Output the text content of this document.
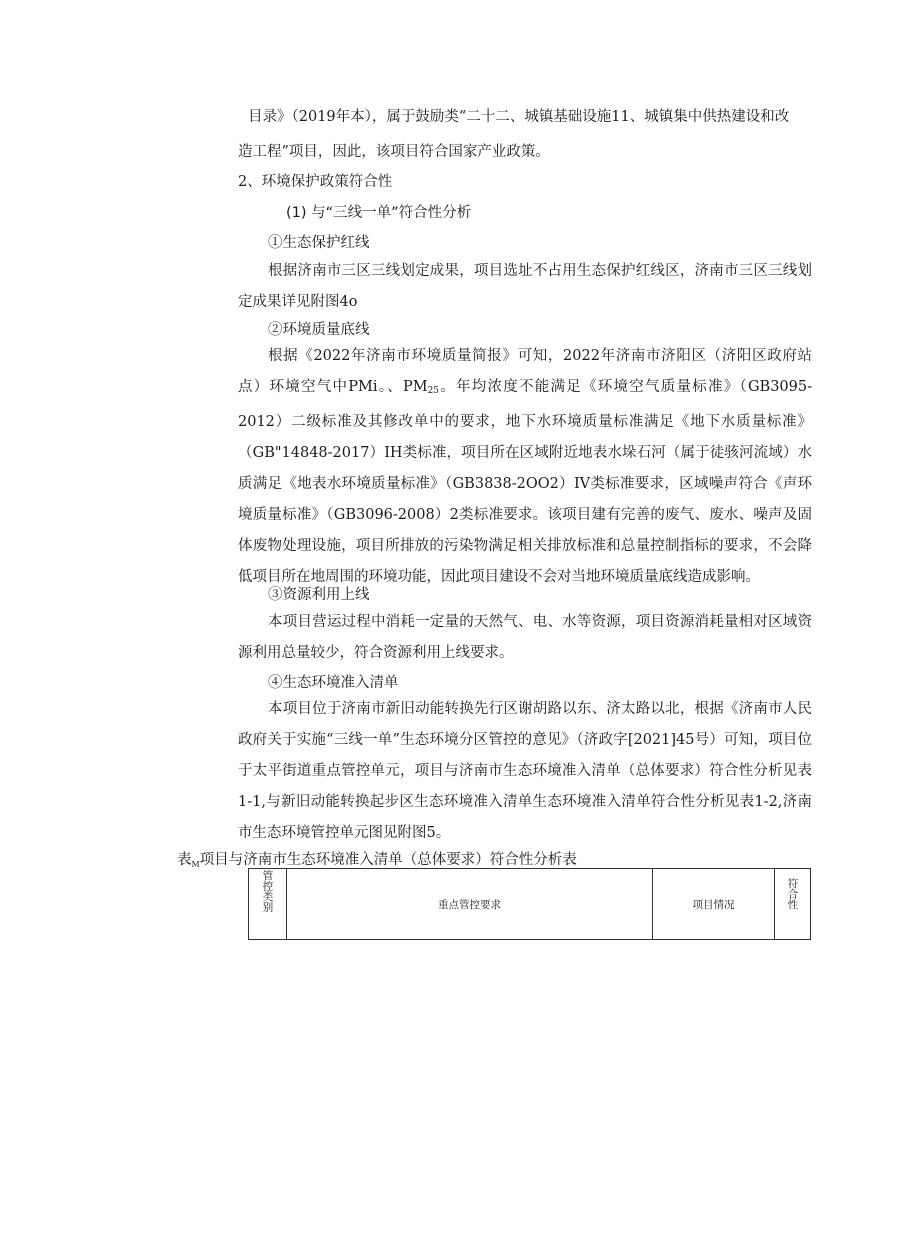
目录》（2019年本），属于鼓励类“二十二、城镇基础设施11、城镇集中供热建设和改
造工程”项目，因此，该项目符合国家产业政策。
2、环境保护政策符合性
(1) 与“三线一单”符合性分析
①生态保护红线

根据济南市三区三线划定成果，项目选址不占用生态保护红线区，济南市三区三线划定成果详见附图4o

②环境质量底线

根据《2022年济南市环境质量简报》可知，2022年济南市济阳区（济阳区政府站点）环境空气中PMi。、$PM_{25}$。年均浓度不能满足《环境空气质量标准》（GB3095-2012）二级标准及其修改单中的要求，地下水环境质量标准满足《地下水质量标准》（GB"14848-2017）IH类标准，项目所在区域附近地表水垛石河（属于徒骇河流域）水质满足《地表水环境质量标准》（GB3838-2OO2）IV类标准要求，区域噪声符合《声环境质量标准》（GB3096-2008）2类标准要求。该项目建有完善的废气、废水、噪声及固体废物处理设施，项目所排放的污染物满足相关排放标准和总量控制指标的要求，不会降低项目所在地周围的环境功能，因此项目建设不会对当地环境质量底线造成影响。

③资源利用上线

本项目营运过程中消耗一定量的天然气、电、水等资源，项目资源消耗量相对区域资源利用总量较少，符合资源利用上线要求。

④生态环境准入清单

本项目位于济南市新旧动能转换先行区谢胡路以东、济太路以北，根据《济南市人民政府关于实施“三线一单”生态环境分区管控的意见》（济政字[2021]45号）可知，项目位于太平街道重点管控单元，项目与济南市生态环境准入清单（总体要求）符合性分析见表1-1,与新旧动能转换起步区生态环境准入清单生态环境准入清单符合性分析见表1-2,济南市生态环境管控单元图见附图5。

表$_M$项目与济南市生态环境准入清单（总体要求）符合性分析表
管控类别	重点管控要求	项目情况	符合性
